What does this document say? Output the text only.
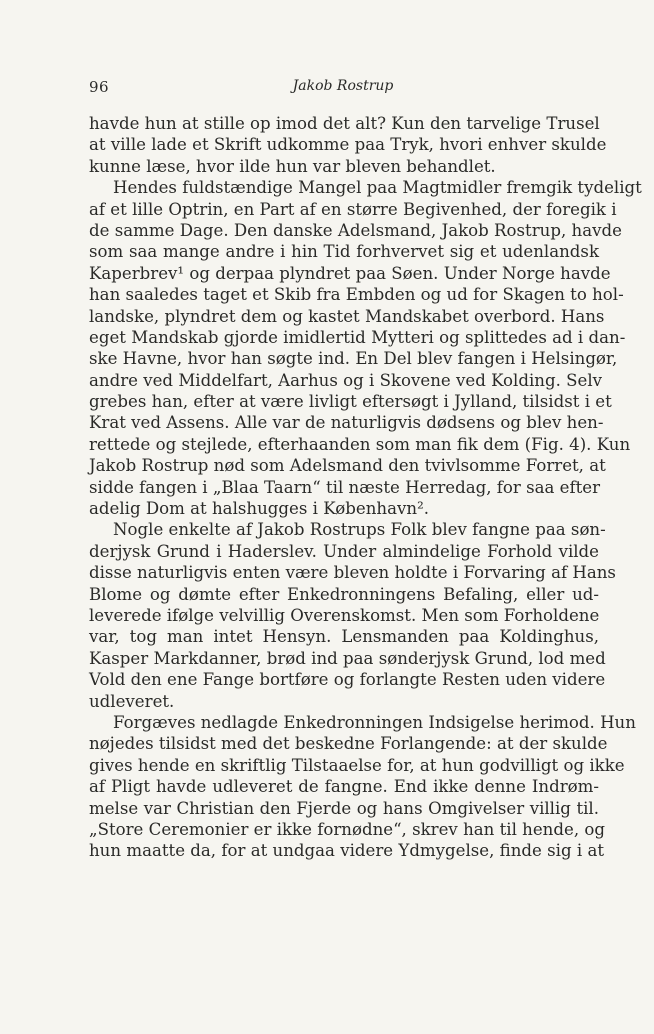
96	Jakob Rostrup
havde hun at stille op imod det alt? Kun den tarvelige Trusel
at ville lade et Skrift udkomme paa Tryk, hvori enhver skulde
kunne læse, hvor ilde hun var bleven behandlet.
Hendes fuldstændige Mangel paa Magtmidler fremgik tydeligt
af et lille Optrin, en Part af en større Begivenhed, der foregik i
de samme Dage. Den danske Adelsmand, Jakob Rostrup, havde
som saa mange andre i hin Tid forhvervet sig et udenlandsk
Kaperbrev¹ og derpaa plyndret paa Søen. Under Norge havde
han saaledes taget et Skib fra Embden og ud for Skagen to hol-
landske, plyndret dem og kastet Mandskabet overbord. Hans
eget Mandskab gjorde imidlertid Mytteri og splittedes ad i dan-
ske Havne, hvor han søgte ind. En Del blev fangen i Helsingør,
andre ved Middelfart, Aarhus og i Skovene ved Kolding. Selv
grebes han, efter at være livligt eftersøgt i Jylland, tilsidst i et
Krat ved Assens. Alle var de naturligvis dødsens og blev hen-
rettede og stejlede, efterhaanden som man fik dem (Fig. 4). Kun
Jakob Rostrup nød som Adelsmand den tvivlsomme Forret, at
sidde fangen i „Blaa Taarn“ til næste Herredag, for saa efter
adelig Dom at halshugges i København².
Nogle enkelte af Jakob Rostrups Folk blev fangne paa søn-
derjysk Grund i Haderslev. Under almindelige Forhold vilde
disse naturligvis enten være bleven holdte i Forvaring af Hans
Blome og dømte efter Enkedronningens Befaling, eller ud-
leverede ifølge velvillig Overenskomst. Men som Forholdene
var, tog man intet Hensyn. Lensmanden paa Koldinghus,
Kasper Markdanner, brød ind paa sønderjysk Grund, lod med
Vold den ene Fange bortføre og forlangte Resten uden videre
udleveret.
Forgæves nedlagde Enkedronningen Indsigelse herimod. Hun
nøjedes tilsidst med det beskedne Forlangende: at der skulde
gives hende en skriftlig Tilstaaelse for, at hun godvilligt og ikke
af Pligt havde udleveret de fangne. End ikke denne Indrøm-
melse var Christian den Fjerde og hans Omgivelser villig til.
„Store Ceremonier er ikke fornødne“, skrev han til hende, og
hun maatte da, for at undgaa videre Ydmygelse, finde sig i at
